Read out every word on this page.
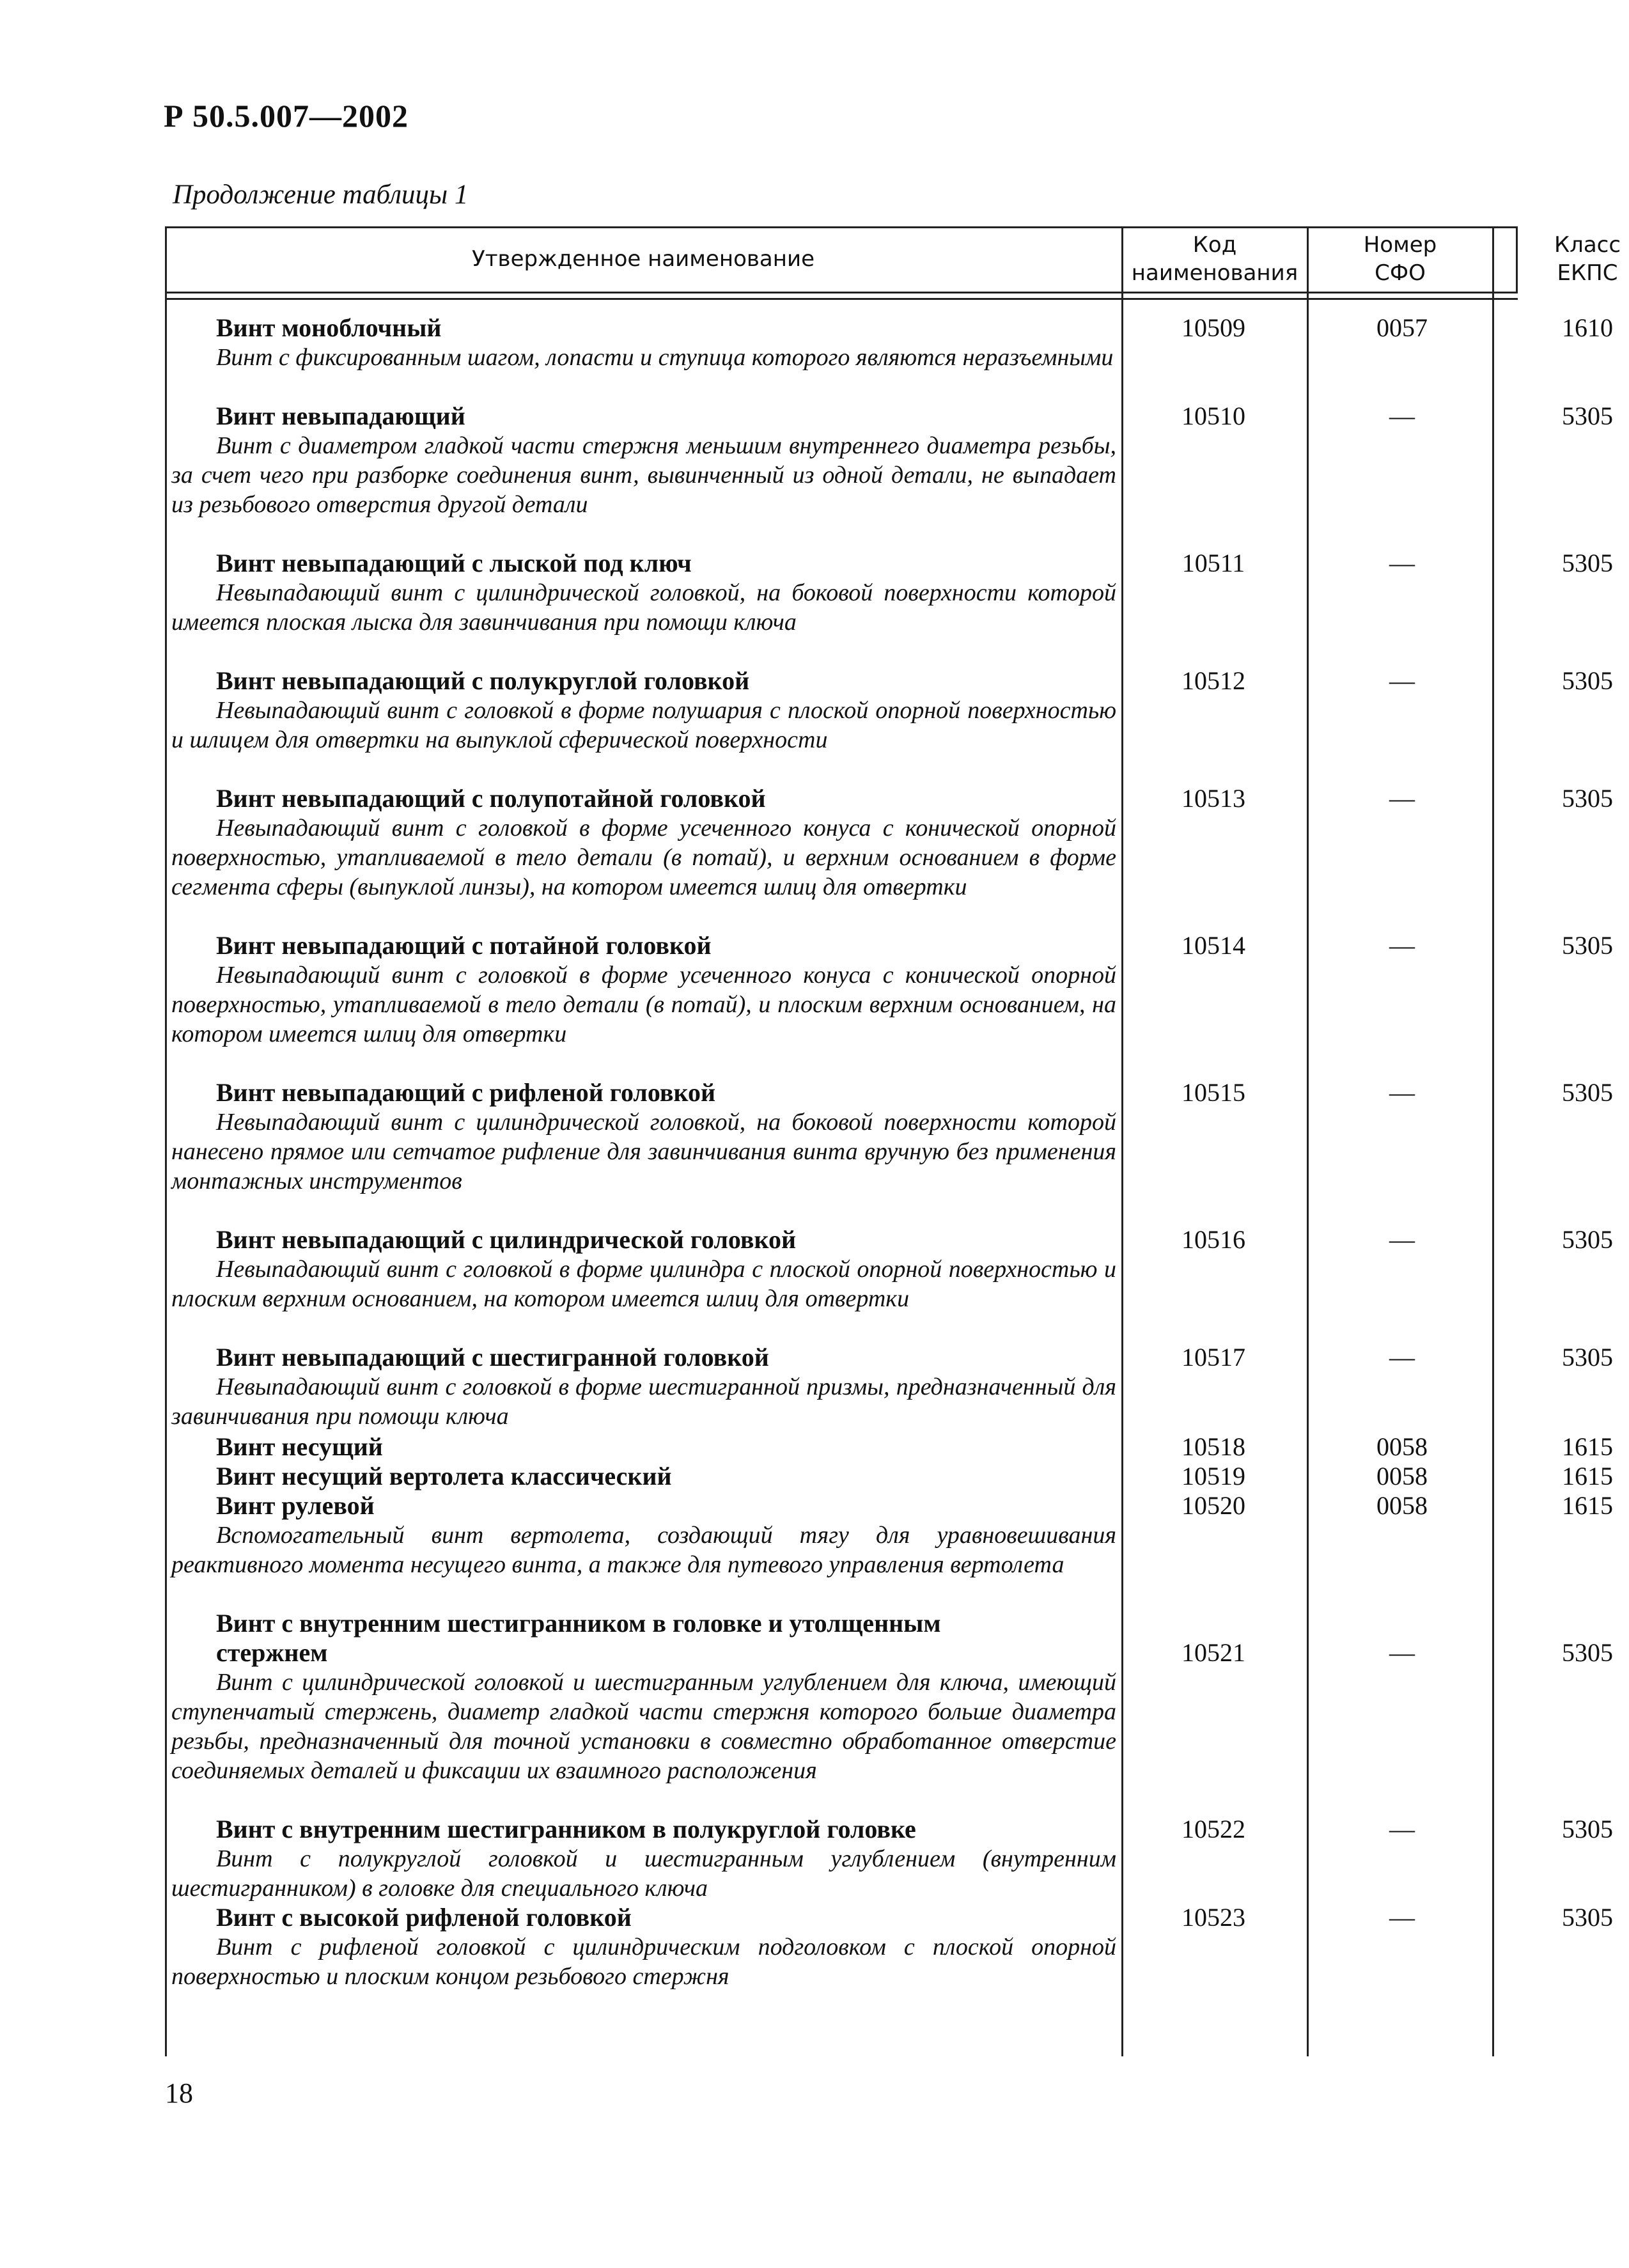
Р 50.5.007—2002
Продолжение таблицы 1
Утвержденное наименование
Код наименования
Номер СФО
Класс ЕКПС
Винт моноблочный
Винт с фиксированным шагом, лопасти и ступица которого являются неразъемными
10509	0057	1610
Винт невыпадающий
Винт с диаметром гладкой части стержня меньшим внутреннего диаметра резьбы, за счет чего при разборке соединения винт, вывинченный из одной детали, не выпадает из резьбового отверстия другой детали
10510	—	5305
Винт невыпадающий с лыской под ключ
Невыпадающий винт с цилиндрической головкой, на боковой поверхности которой имеется плоская лыска для завинчивания при помощи ключа
10511	—	5305
Винт невыпадающий с полукруглой головкой
Невыпадающий винт с головкой в форме полушария с плоской опорной поверхностью и шлицем для отвертки на выпуклой сферической поверхности
10512	—	5305
Винт невыпадающий с полупотайной головкой
Невыпадающий винт с головкой в форме усеченного конуса с конической опорной поверхностью, утапливаемой в тело детали (в потай), и верхним основанием в форме сегмента сферы (выпуклой линзы), на котором имеется шлиц для отвертки
10513	—	5305
Винт невыпадающий с потайной головкой
Невыпадающий винт с головкой в форме усеченного конуса с конической опорной поверхностью, утапливаемой в тело детали (в потай), и плоским верхним основанием, на котором имеется шлиц для отвертки
10514	—	5305
Винт невыпадающий с рифленой головкой
Невыпадающий винт с цилиндрической головкой, на боковой поверхности которой нанесено прямое или сетчатое рифление для завинчивания винта вручную без применения монтажных инструментов
10515	—	5305
Винт невыпадающий с цилиндрической головкой
Невыпадающий винт с головкой в форме цилиндра с плоской опорной поверхностью и плоским верхним основанием, на котором имеется шлиц для отвертки
10516	—	5305
Винт невыпадающий с шестигранной головкой
Невыпадающий винт с головкой в форме шестигранной призмы, предназначенный для завинчивания при помощи ключа
10517	—	5305
Винт несущий	10518	0058	1615
Винт несущий вертолета классический	10519	0058	1615
Винт рулевой
Вспомогательный винт вертолета, создающий тягу для уравновешивания реактивного момента несущего винта, а также для путевого управления вертолета
10520	0058	1615
Винт с внутренним шестигранником в головке и утолщенным стержнем
Винт с цилиндрической головкой и шестигранным углублением для ключа, имеющий ступенчатый стержень, диаметр гладкой части стержня которого больше диаметра резьбы, предназначенный для точной установки в совместно обработанное отверстие соединяемых деталей и фиксации их взаимного расположения
10521	—	5305
Винт с внутренним шестигранником в полукруглой головке
Винт с полукруглой головкой и шестигранным углублением (внутренним шестигранником) в головке для специального ключа
10522	—	5305
Винт с высокой рифленой головкой
Винт с рифленой головкой с цилиндрическим подголовком с плоской опорной поверхностью и плоским концом резьбового стержня
10523	—	5305
18
